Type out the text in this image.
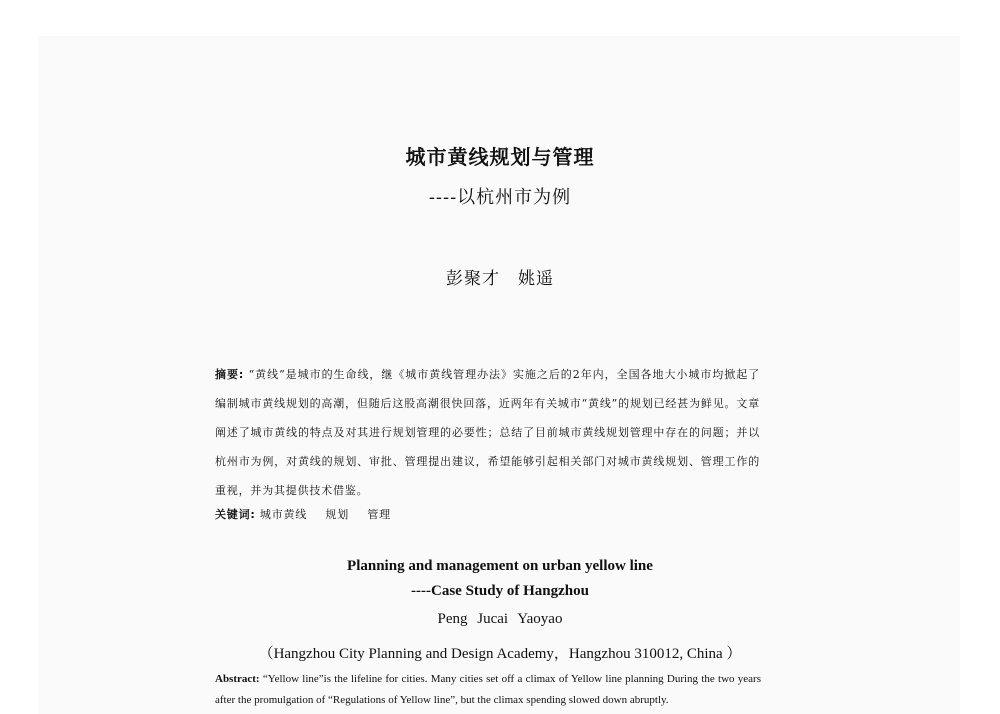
城市黄线规划与管理
----以杭州市为例
彭聚才　姚遥
摘要: “黄线”是城市的生命线，继《城市黄线管理办法》实施之后的2年内，全国各地大小城市均掀起了编制城市黄线规划的高潮，但随后这股高潮很快回落，近两年有关城市“黄线”的规划已经甚为鲜见。文章阐述了城市黄线的特点及对其进行规划管理的必要性；总结了目前城市黄线规划管理中存在的问题；并以杭州市为例，对黄线的规划、审批、管理提出建议，希望能够引起相关部门对城市黄线规划、管理工作的重视，并为其提供技术借鉴。
关键词: 城市黄线 规划 管理
Planning and management on urban yellow line
----Case Study of Hangzhou
Peng Jucai Yaoyao
（Hangzhou City Planning and Design Academy，Hangzhou 310012, China ）
Abstract: “Yellow line”is the lifeline for cities. Many cities set off a climax of Yellow line planning During the two years after the promulgation of “Regulations of Yellow line”, but the climax spending slowed down abruptly.
